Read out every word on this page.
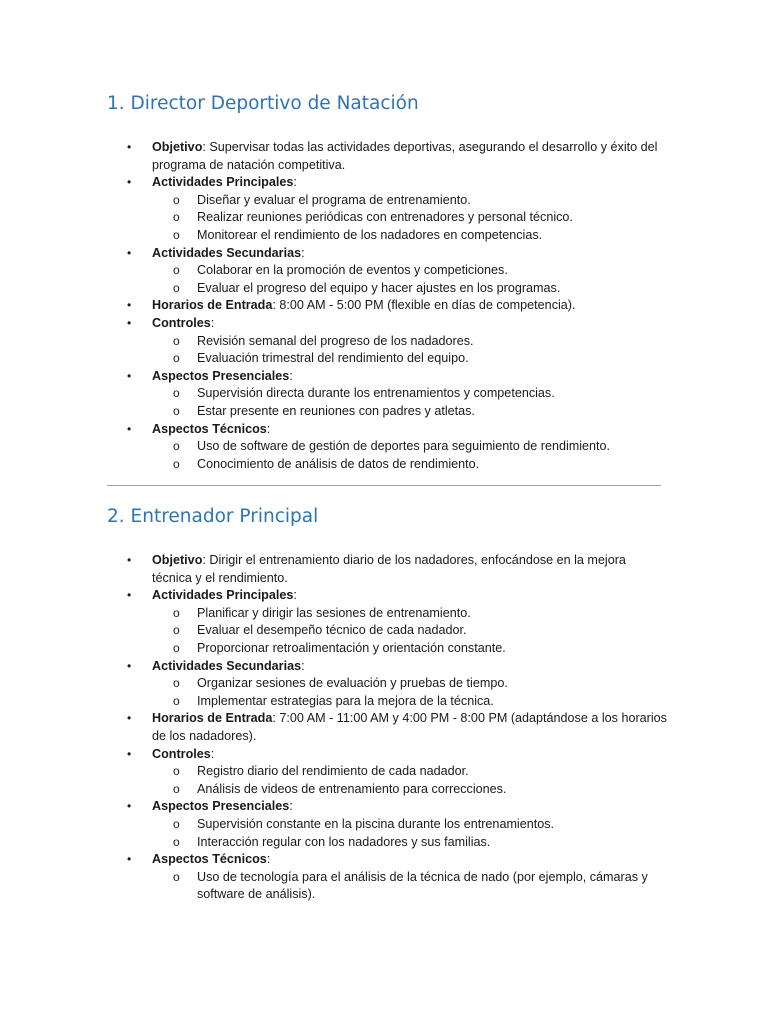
1. Director Deportivo de Natación
• Objetivo: Supervisar todas las actividades deportivas, asegurando el desarrollo y éxito del programa de natación competitiva.
• Actividades Principales:
o Diseñar y evaluar el programa de entrenamiento.
o Realizar reuniones periódicas con entrenadores y personal técnico.
o Monitorear el rendimiento de los nadadores en competencias.
• Actividades Secundarias:
o Colaborar en la promoción de eventos y competiciones.
o Evaluar el progreso del equipo y hacer ajustes en los programas.
• Horarios de Entrada: 8:00 AM - 5:00 PM (flexible en días de competencia).
• Controles:
o Revisión semanal del progreso de los nadadores.
o Evaluación trimestral del rendimiento del equipo.
• Aspectos Presenciales:
o Supervisión directa durante los entrenamientos y competencias.
o Estar presente en reuniones con padres y atletas.
• Aspectos Técnicos:
o Uso de software de gestión de deportes para seguimiento de rendimiento.
o Conocimiento de análisis de datos de rendimiento.
2. Entrenador Principal
• Objetivo: Dirigir el entrenamiento diario de los nadadores, enfocándose en la mejora técnica y el rendimiento.
• Actividades Principales:
o Planificar y dirigir las sesiones de entrenamiento.
o Evaluar el desempeño técnico de cada nadador.
o Proporcionar retroalimentación y orientación constante.
• Actividades Secundarias:
o Organizar sesiones de evaluación y pruebas de tiempo.
o Implementar estrategias para la mejora de la técnica.
• Horarios de Entrada: 7:00 AM - 11:00 AM y 4:00 PM - 8:00 PM (adaptándose a los horarios de los nadadores).
• Controles:
o Registro diario del rendimiento de cada nadador.
o Análisis de videos de entrenamiento para correcciones.
• Aspectos Presenciales:
o Supervisión constante en la piscina durante los entrenamientos.
o Interacción regular con los nadadores y sus familias.
• Aspectos Técnicos:
o Uso de tecnología para el análisis de la técnica de nado (por ejemplo, cámaras y software de análisis).
